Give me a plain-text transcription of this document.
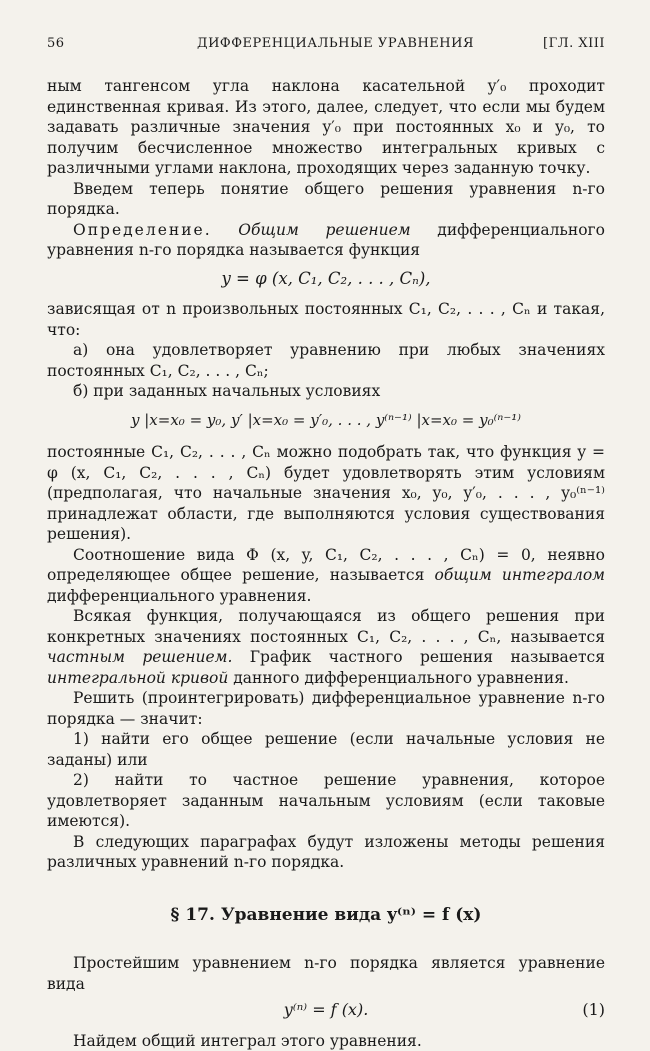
56	ДИФФЕРЕНЦИАЛЬНЫЕ УРАВНЕНИЯ	[ГЛ. XIII

ным тангенсом угла наклона касательной y′₀ проходит единственная кривая. Из этого, далее, следует, что если мы будем задавать различные значения y′₀ при постоянных x₀ и y₀, то получим бесчисленное множество интегральных кривых с различными углами наклона, проходящих через заданную точку.

Введем теперь понятие общего решения уравнения n-го порядка.

Определение. Общим решением дифференциального уравнения n-го порядка называется функция

y = φ (x, C₁, C₂, . . . , Cₙ),

зависящая от n произвольных постоянных C₁, C₂, . . . , Cₙ и такая, что:

а) она удовлетворяет уравнению при любых значениях постоянных C₁, C₂, . . . , Cₙ;

б) при заданных начальных условиях

y |x=x₀ = y₀, y′ |x=x₀ = y′₀, . . . , y⁽ⁿ⁻¹⁾ |x=x₀ = y₀⁽ⁿ⁻¹⁾

постоянные C₁, C₂, . . . , Cₙ можно подобрать так, что функция y = φ (x, C₁, C₂, . . . , Cₙ) будет удовлетворять этим условиям (предполагая, что начальные значения x₀, y₀, y′₀, . . . , y₀⁽ⁿ⁻¹⁾ принадлежат области, где выполняются условия существования решения).

Соотношение вида Φ (x, y, C₁, C₂, . . . , Cₙ) = 0, неявно определяющее общее решение, называется общим интегралом дифференциального уравнения.

Всякая функция, получающаяся из общего решения при конкретных значениях постоянных C₁, C₂, . . . , Cₙ, называется частным решением. График частного решения называется интегральной кривой данного дифференциального уравнения.

Решить (проинтегрировать) дифференциальное уравнение n-го порядка — значит:

1) найти его общее решение (если начальные условия не заданы) или

2) найти то частное решение уравнения, которое удовлетворяет заданным начальным условиям (если таковые имеются).

В следующих параграфах будут изложены методы решения различных уравнений n-го порядка.

§ 17. Уравнение вида y⁽ⁿ⁾ = f (x)

Простейшим уравнением n-го порядка является уравнение вида

y⁽ⁿ⁾ = f (x).	(1)

Найдем общий интеграл этого уравнения.
